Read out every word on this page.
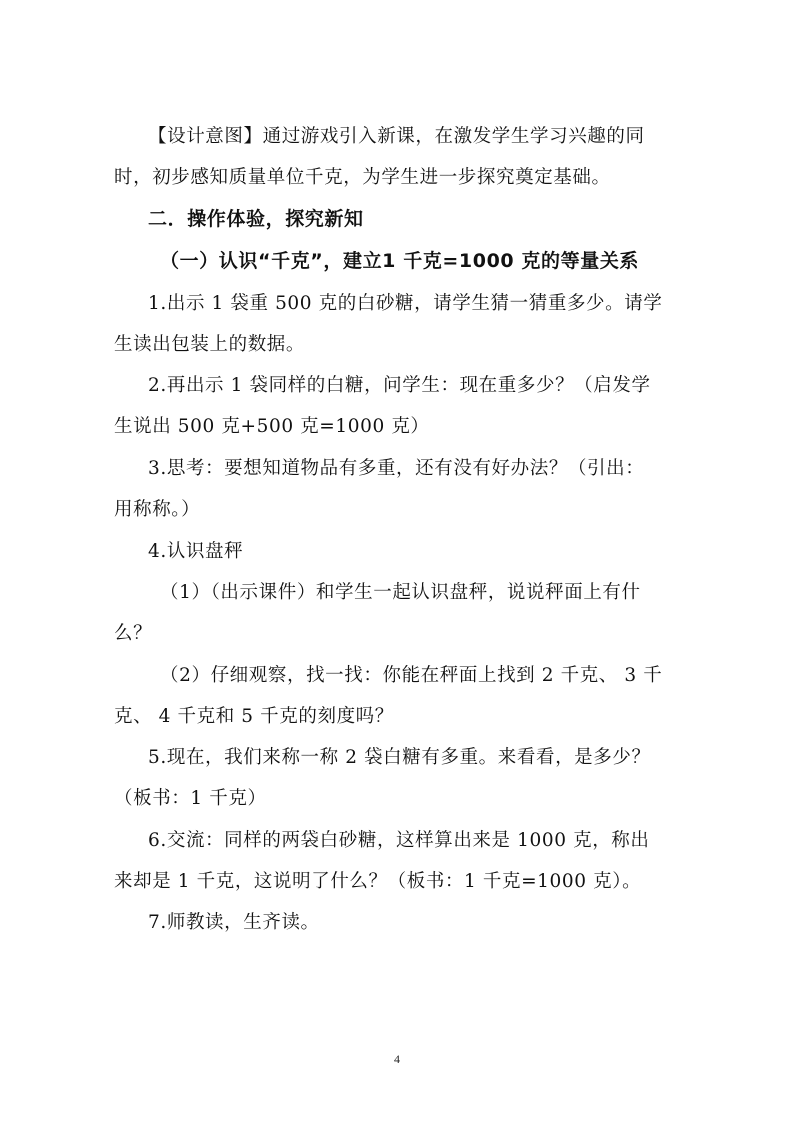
【设计意图】通过游戏引入新课，在激发学生学习兴趣的同
时，初步感知质量单位千克，为学生进一步探究奠定基础。
二．操作体验，探究新知
（一）认识“千克”，建立1 千克=1000 克的等量关系
1.出示 1 袋重 500 克的白砂糖，请学生猜一猜重多少。请学
生读出包装上的数据。
2.再出示 1 袋同样的白糖，问学生：现在重多少？（启发学
生说出 500 克+500 克=1000 克）
3.思考：要想知道物品有多重，还有没有好办法？（引出：
用称称。）
4.认识盘秤
（1）（出示课件）和学生一起认识盘秤，说说秤面上有什
么？
（2）仔细观察，找一找：你能在秤面上找到 2 千克、 3 千
克、 4 千克和 5 千克的刻度吗？
5.现在，我们来称一称 2 袋白糖有多重。来看看，是多少？
（板书：1 千克）
6.交流：同样的两袋白砂糖，这样算出来是 1000 克，称出
来却是 1 千克，这说明了什么？（板书：1 千克=1000 克）。
7.师教读，生齐读。
4
